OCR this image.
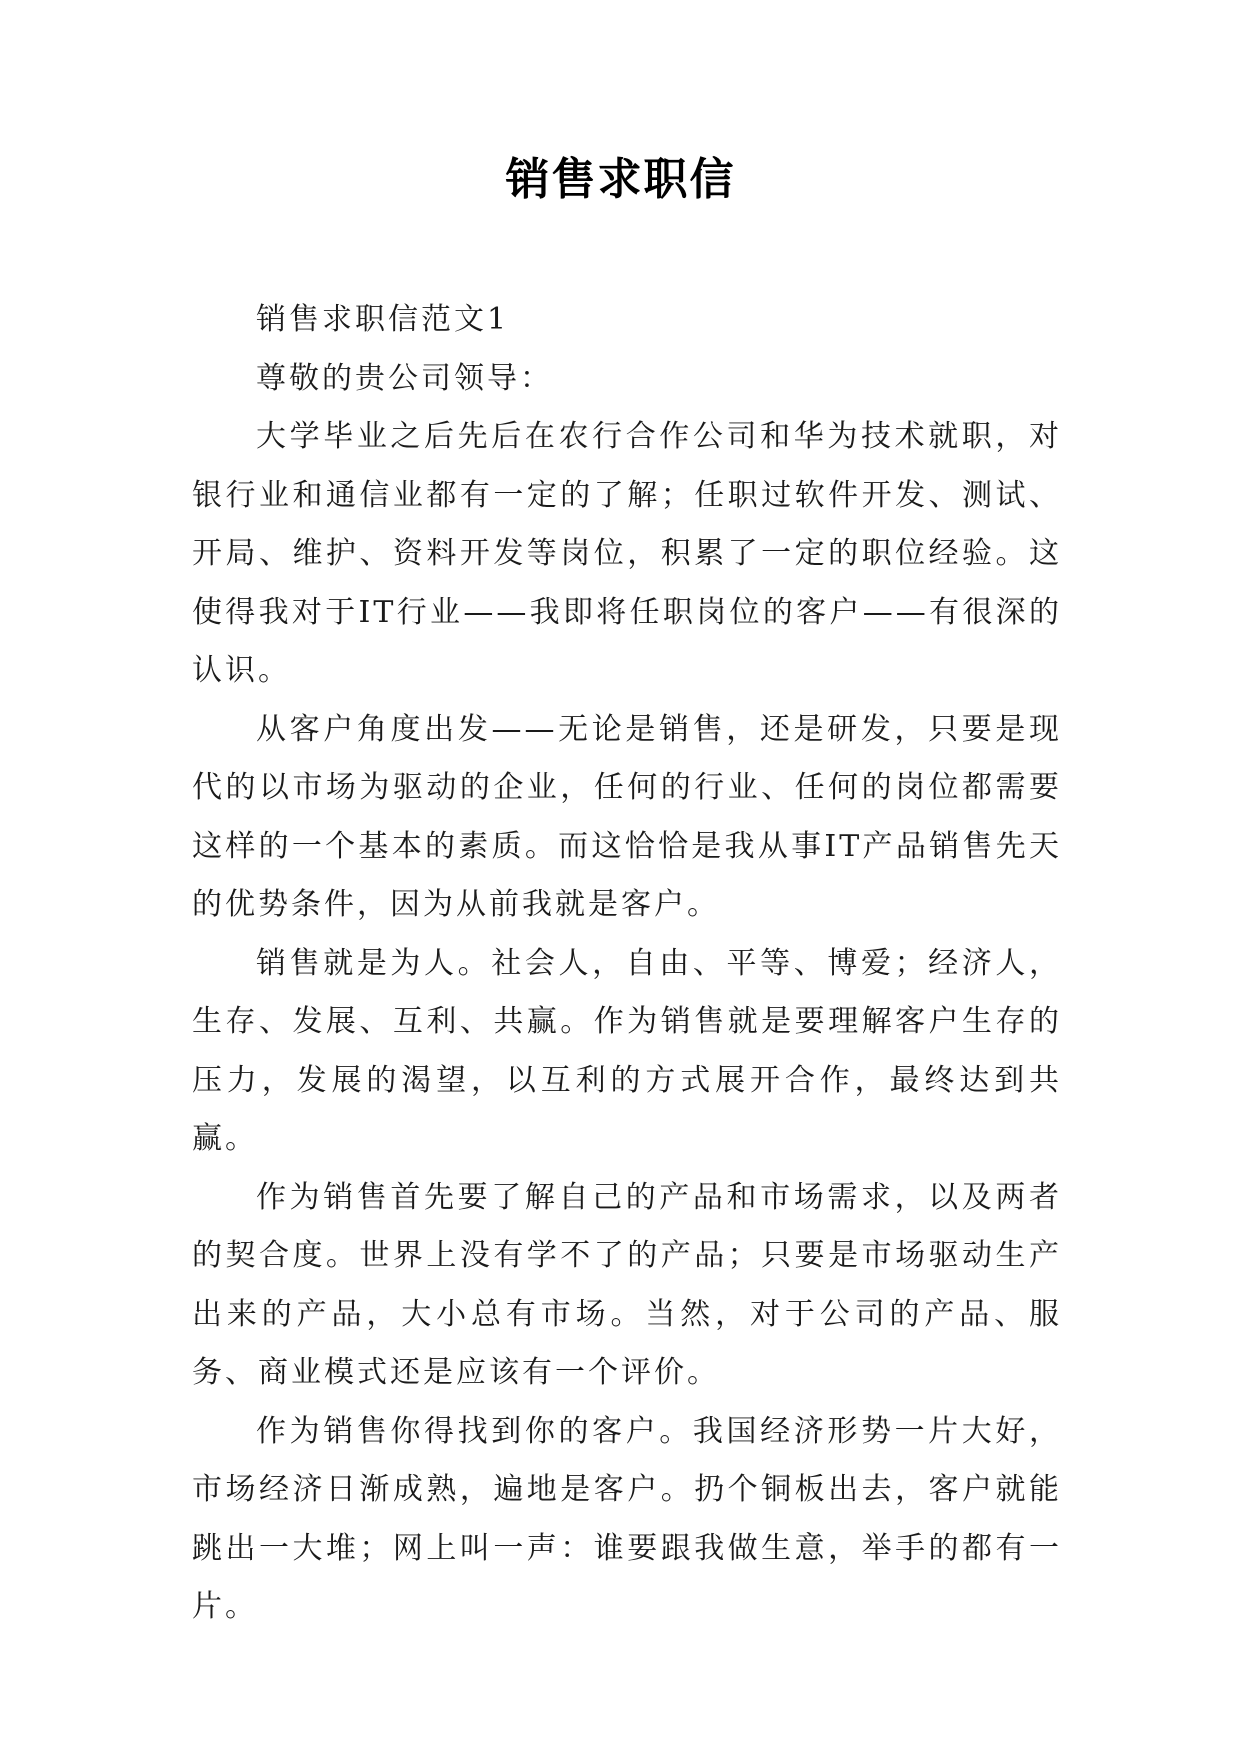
销售求职信

销售求职信范文1

尊敬的贵公司领导：

大学毕业之后先后在农行合作公司和华为技术就职，对银行业和通信业都有一定的了解；任职过软件开发、测试、开局、维护、资料开发等岗位，积累了一定的职位经验。这使得我对于IT行业——我即将任职岗位的客户——有很深的认识。

从客户角度出发——无论是销售，还是研发，只要是现代的以市场为驱动的企业，任何的行业、任何的岗位都需要这样的一个基本的素质。而这恰恰是我从事IT产品销售先天的优势条件，因为从前我就是客户。

销售就是为人。社会人，自由、平等、博爱；经济人，生存、发展、互利、共赢。作为销售就是要理解客户生存的压力，发展的渴望，以互利的方式展开合作，最终达到共赢。

作为销售首先要了解自己的产品和市场需求，以及两者的契合度。世界上没有学不了的产品；只要是市场驱动生产出来的产品，大小总有市场。当然，对于公司的产品、服务、商业模式还是应该有一个评价。

作为销售你得找到你的客户。我国经济形势一片大好，市场经济日渐成熟，遍地是客户。扔个铜板出去，客户就能跳出一大堆；网上叫一声：谁要跟我做生意，举手的都有一片。
